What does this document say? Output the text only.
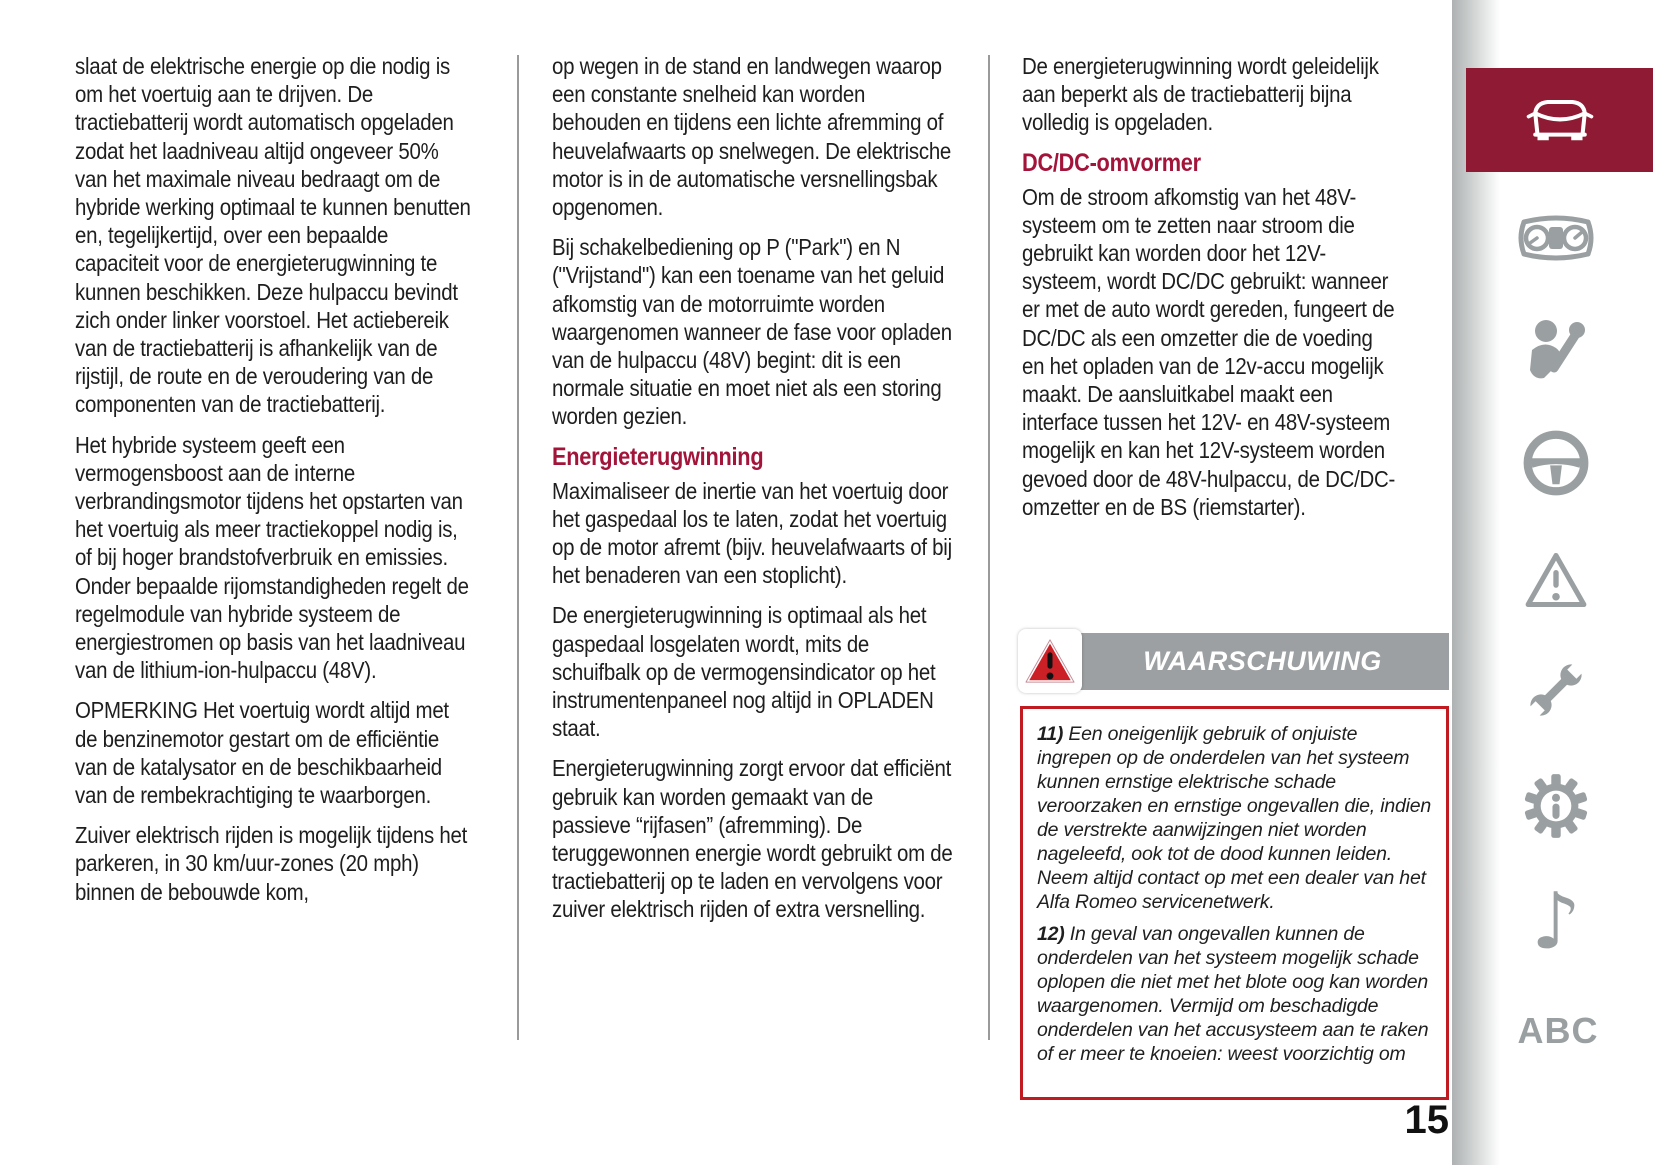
slaat de elektrische energie op die nodig is om het voertuig aan te drijven. De tractiebatterij wordt automatisch opgeladen zodat het laadniveau altijd ongeveer 50% van het maximale niveau bedraagt om de hybride werking optimaal te kunnen benutten en, tegelijkertijd, over een bepaalde capaciteit voor de energieterugwinning te kunnen beschikken. Deze hulpaccu bevindt zich onder linker voorstoel. Het actiebereik van de tractiebatterij is afhankelijk van de rijstijl, de route en de veroudering van de componenten van de tractiebatterij.

Het hybride systeem geeft een vermogensboost aan de interne verbrandingsmotor tijdens het opstarten van het voertuig als meer tractiekoppel nodig is, of bij hoger brandstofverbruik en emissies. Onder bepaalde rijomstandigheden regelt de regelmodule van hybride systeem de energiestromen op basis van het laadniveau van de lithium-ion-hulpaccu (48V).

OPMERKING Het voertuig wordt altijd met de benzinemotor gestart om de efficiëntie van de katalysator en de beschikbaarheid van de rembekrachtiging te waarborgen.

Zuiver elektrisch rijden is mogelijk tijdens het parkeren, in 30 km/uur-zones (20 mph) binnen de bebouwde kom,

op wegen in de stand en landwegen waarop een constante snelheid kan worden behouden en tijdens een lichte afremming of heuvelafwaarts op snelwegen. De elektrische motor is in de automatische versnellingsbak opgenomen.

Bij schakelbediening op P ("Park") en N ("Vrijstand") kan een toename van het geluid afkomstig van de motorruimte worden waargenomen wanneer de fase voor opladen van de hulpaccu (48V) begint: dit is een normale situatie en moet niet als een storing worden gezien.

Energieterugwinning

Maximaliseer de inertie van het voertuig door het gaspedaal los te laten, zodat het voertuig op de motor afremt (bijv. heuvelafwaarts of bij het benaderen van een stoplicht).

De energieterugwinning is optimaal als het gaspedaal losgelaten wordt, mits de schuifbalk op de vermogensindicator op het instrumentenpaneel nog altijd in OPLADEN staat.

Energieterugwinning zorgt ervoor dat efficiënt gebruik kan worden gemaakt van de passieve “rijfasen” (afremming). De teruggewonnen energie wordt gebruikt om de tractiebatterij op te laden en vervolgens voor zuiver elektrisch rijden of extra versnelling.

De energieterugwinning wordt geleidelijk aan beperkt als de tractiebatterij bijna volledig is opgeladen.

DC/DC-omvormer

Om de stroom afkomstig van het 48V-systeem om te zetten naar stroom die gebruikt kan worden door het 12V-systeem, wordt DC/DC gebruikt: wanneer er met de auto wordt gereden, fungeert de DC/DC als een omzetter die de voeding en het opladen van de 12v-accu mogelijk maakt. De aansluitkabel maakt een interface tussen het 12V- en 48V-systeem mogelijk en kan het 12V-systeem worden gevoed door de 48V-hulpaccu, de DC/DC-omzetter en de BS (riemstarter).

WAARSCHUWING

11) Een oneigenlijk gebruik of onjuiste ingrepen op de onderdelen van het systeem kunnen ernstige elektrische schade veroorzaken en ernstige ongevallen die, indien de verstrekte aanwijzingen niet worden nageleefd, ook tot de dood kunnen leiden. Neem altijd contact op met een dealer van het Alfa Romeo servicenetwerk.

12) In geval van ongevallen kunnen de onderdelen van het systeem mogelijk schade oplopen die niet met het blote oog kan worden waargenomen. Vermijd om beschadigde onderdelen van het accusysteem aan te raken of er meer te knoeien: weest voorzichtig om

♪
ABC
15
